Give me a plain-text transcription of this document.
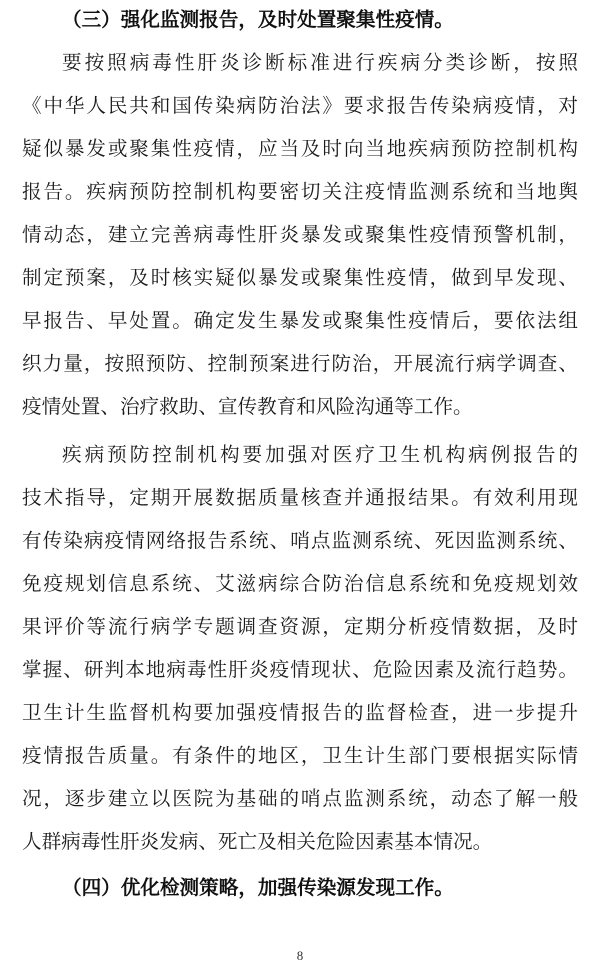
（三）强化监测报告，及时处置聚集性疫情。
要按照病毒性肝炎诊断标准进行疾病分类诊断，按照
《中华人民共和国传染病防治法》要求报告传染病疫情，对
疑似暴发或聚集性疫情，应当及时向当地疾病预防控制机构
报告。疾病预防控制机构要密切关注疫情监测系统和当地舆
情动态，建立完善病毒性肝炎暴发或聚集性疫情预警机制，
制定预案，及时核实疑似暴发或聚集性疫情，做到早发现、
早报告、早处置。确定发生暴发或聚集性疫情后，要依法组
织力量，按照预防、控制预案进行防治，开展流行病学调查、
疫情处置、治疗救助、宣传教育和风险沟通等工作。
疾病预防控制机构要加强对医疗卫生机构病例报告的
技术指导，定期开展数据质量核查并通报结果。有效利用现
有传染病疫情网络报告系统、哨点监测系统、死因监测系统、
免疫规划信息系统、艾滋病综合防治信息系统和免疫规划效
果评价等流行病学专题调查资源，定期分析疫情数据，及时
掌握、研判本地病毒性肝炎疫情现状、危险因素及流行趋势。
卫生计生监督机构要加强疫情报告的监督检查，进一步提升
疫情报告质量。有条件的地区，卫生计生部门要根据实际情
况，逐步建立以医院为基础的哨点监测系统，动态了解一般
人群病毒性肝炎发病、死亡及相关危险因素基本情况。
（四）优化检测策略，加强传染源发现工作。
8
